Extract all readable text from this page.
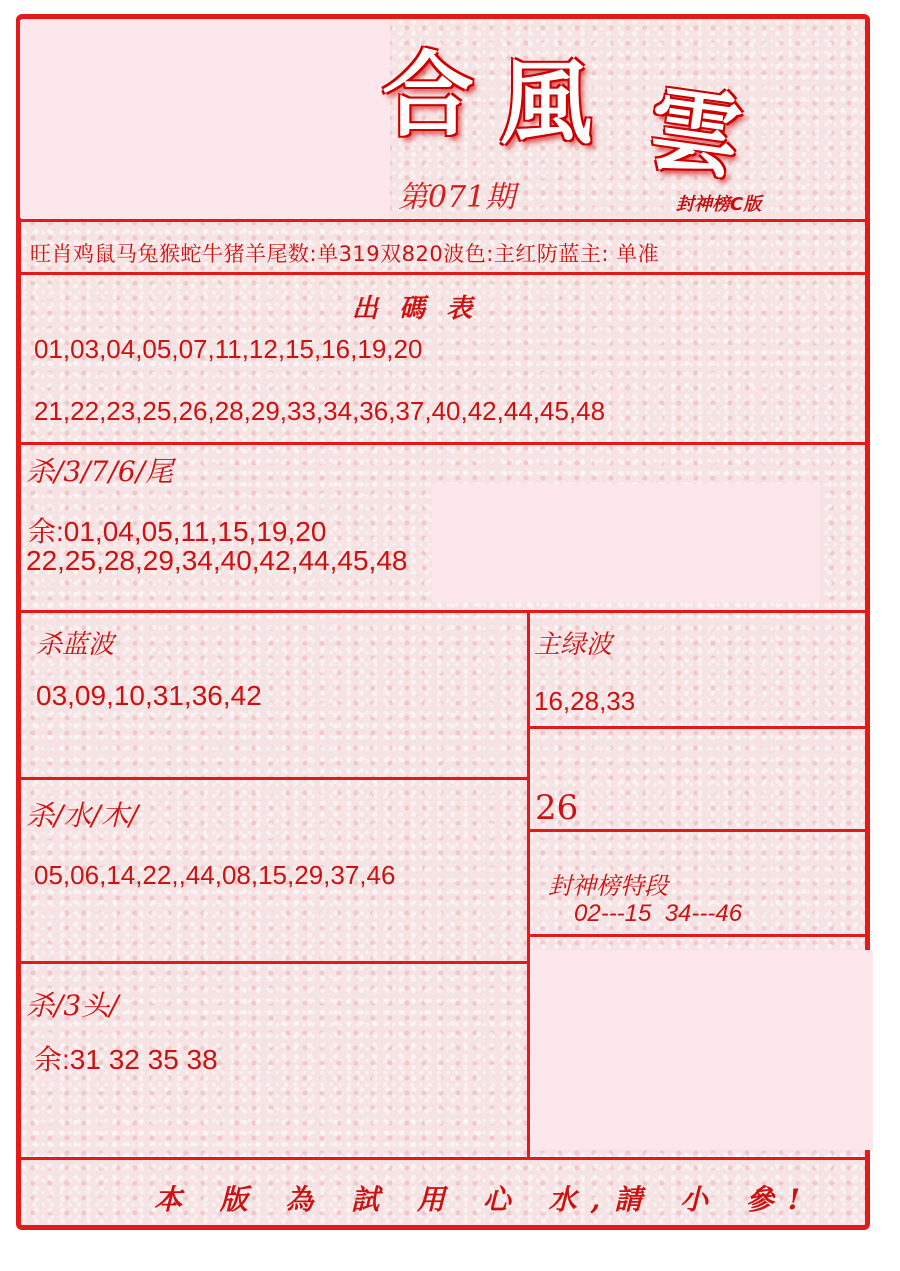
合 風 雲
第071期	封神榜C版
旺肖鸡鼠马兔猴蛇牛猪羊尾数:单319双820波色:主红防蓝主: 单准
出 碼 表
01,03,04,05,07,11,12,15,16,19,20
21,22,23,25,26,28,29,33,34,36,37,40,42,44,45,48
杀/3/7/6/尾
余:01,04,05,11,15,19,20
22,25,28,29,34,40,42,44,45,48
杀蓝波
03,09,10,31,36,42
主绿波
16,28,33
26
杀/水/木/
05,06,14,22,,44,08,15,29,37,46	封神榜特段
02---15  34---46
杀/3头/
余:31 32 35 38
本 版 為 試 用 心 水,請 小 參!
